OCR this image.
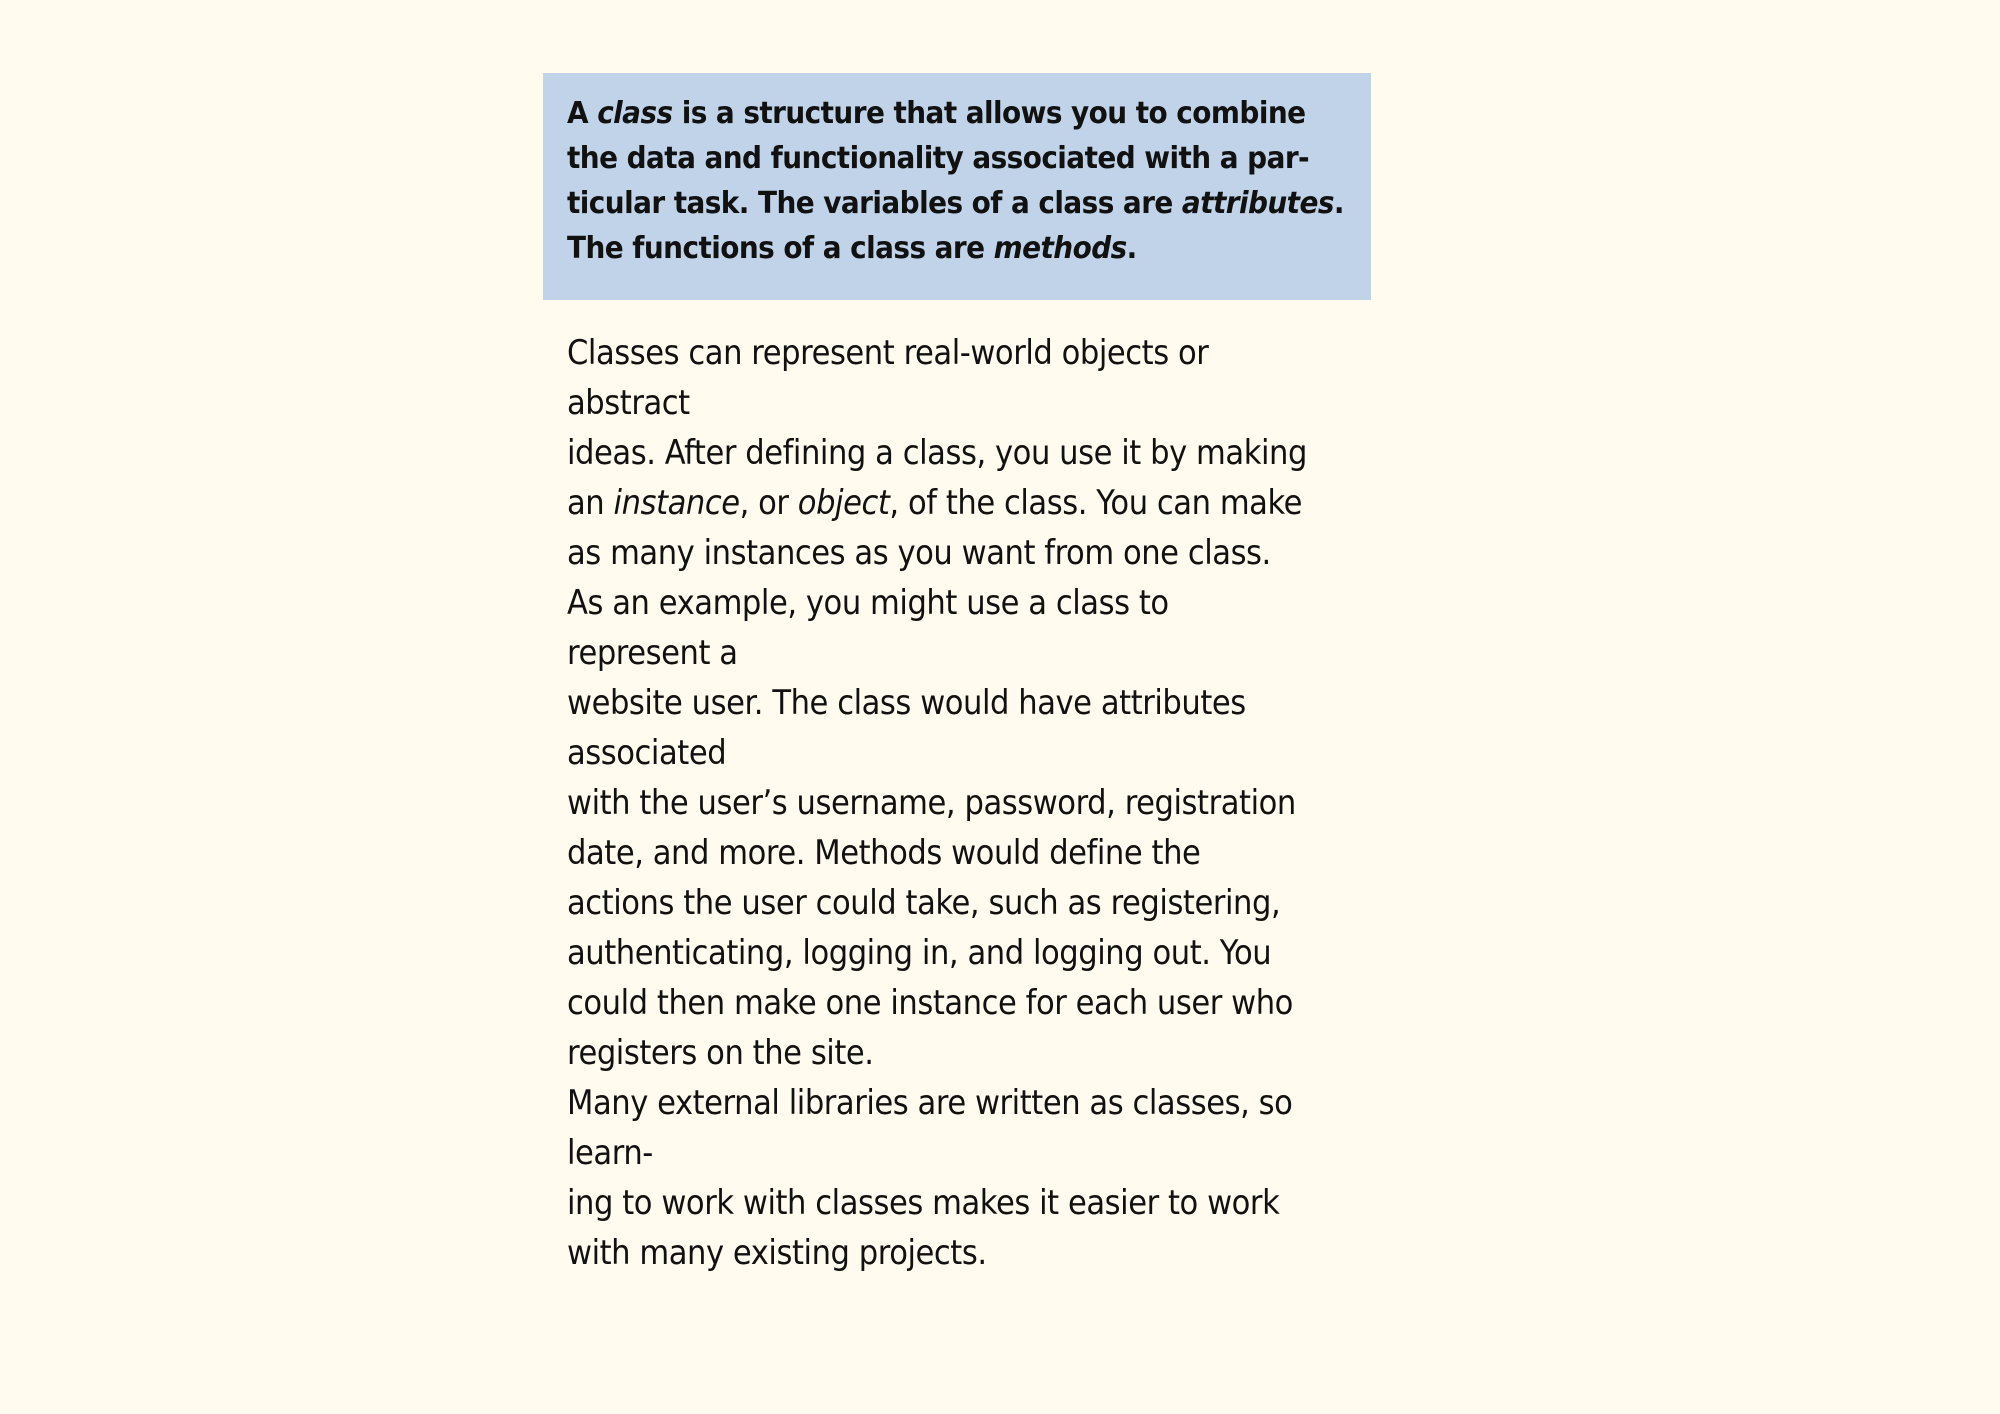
A class is a structure that allows you to combine
the data and functionality associated with a par-
ticular task. The variables of a class are attributes.
The functions of a class are methods.
Classes can represent real-world objects or
abstract
ideas. After defining a class, you use it by making
an instance, or object, of the class. You can make
as many instances as you want from one class.
As an example, you might use a class to
represent a
website user. The class would have attributes
associated
with the user’s username, password, registration
date, and more. Methods would define the
actions the user could take, such as registering,
authenticating, logging in, and logging out. You
could then make one instance for each user who
registers on the site.
Many external libraries are written as classes, so
learn-
ing to work with classes makes it easier to work
with many existing projects.
